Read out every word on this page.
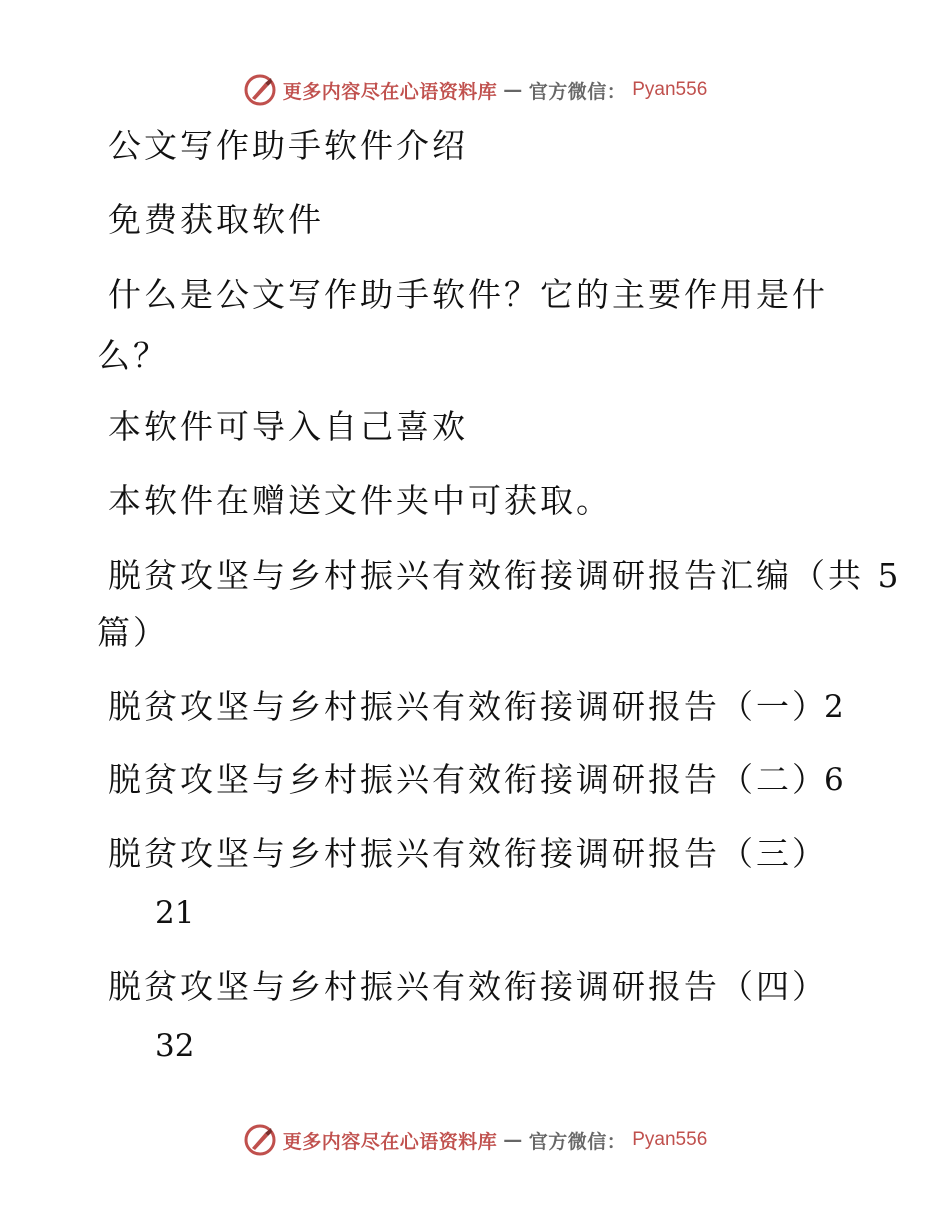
更多内容尽在心语资料库 — 官方微信： Pyan556
公文写作助手软件介绍
免费获取软件
什么是公文写作助手软件？它的主要作用是什
么？
本软件可导入自己喜欢
本软件在赠送文件夹中可获取。
脱贫攻坚与乡村振兴有效衔接调研报告汇编（共 5
篇）
脱贫攻坚与乡村振兴有效衔接调研报告（一）
2
脱贫攻坚与乡村振兴有效衔接调研报告（二）
6
脱贫攻坚与乡村振兴有效衔接调研报告（三）
21
脱贫攻坚与乡村振兴有效衔接调研报告（四）
32
更多内容尽在心语资料库 — 官方微信： Pyan556
